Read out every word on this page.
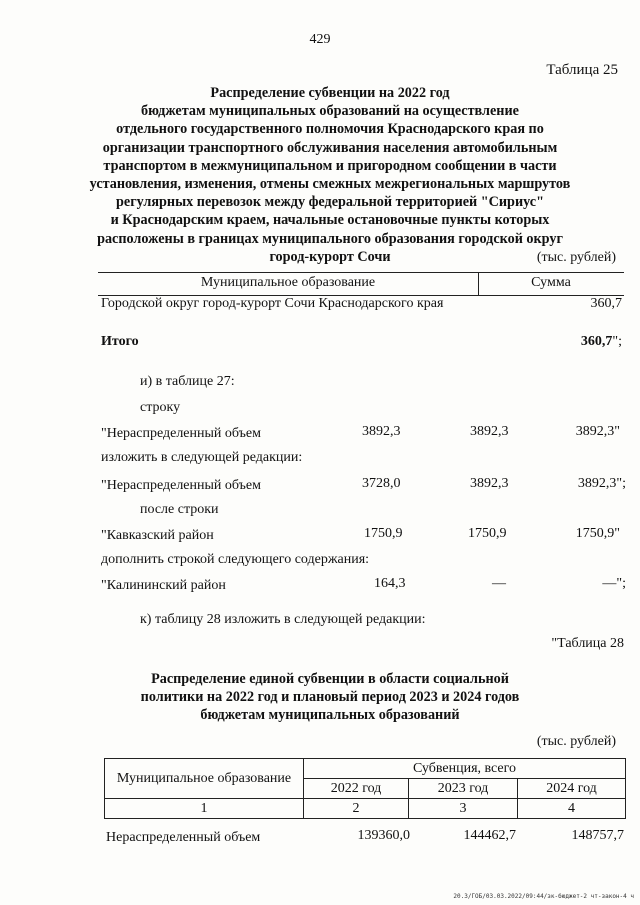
429
Таблица 25
Распределение субвенции на 2022 год
бюджетам муниципальных образований на осуществление
отдельного государственного полномочия Краснодарского края по
организации транспортного обслуживания населения автомобильным
транспортом в межмуниципальном и пригородном сообщении в части
установления, изменения, отмены смежных межрегиональных маршрутов
регулярных перевозок между федеральной территорией "Сириус"
и Краснодарским краем, начальные остановочные пункты которых
расположены в границах муниципального образования городской округ
город-курорт Сочи	(тыс. рублей)
Муниципальное образование	Сумма
Городской округ город-курорт Сочи Краснодарского края	360,7
Итого	360,7";
и) в таблице 27:
строку
"Нераспределенный объем	3892,3	3892,3	3892,3"
изложить в следующей редакции:
"Нераспределенный объем	3728,0	3892,3	3892,3";
после строки
"Кавказский район	1750,9	1750,9	1750,9"
дополнить строкой следующего содержания:
"Калининский район	164,3	—	—";
к) таблицу 28 изложить в следующей редакции:
"Таблица 28
Распределение единой субвенции в области социальной
политики на 2022 год и плановый период 2023 и 2024 годов
бюджетам муниципальных образований
(тыс. рублей)
Муниципальное образование	Субвенция, всего		
	2022 год	2023 год	2024 год
1	2	3	4
Нераспределенный объем	139360,0	144462,7	148757,7
20.3/ГОБ/03.03.2022/09:44/зк-бюджет-2 чт-закон-4 ч
